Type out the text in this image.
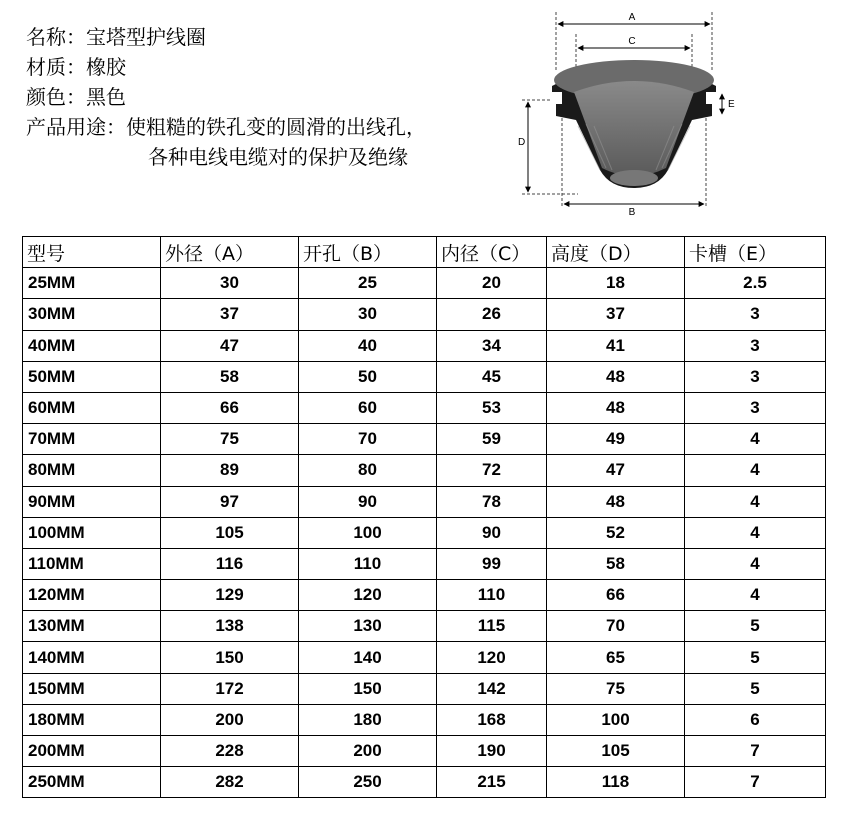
名称：宝塔型护线圈
材质：橡胶
颜色：黑色
产品用途：使粗糙的铁孔变的圆滑的出线孔，
各种电线电缆对的保护及绝缘
A
C
E
D
B
型号	外径（A）	开孔（B）	内径（C）	高度（D）	卡槽（E）
25MM	30	25	20	18	2.5
30MM	37	30	26	37	3
40MM	47	40	34	41	3
50MM	58	50	45	48	3
60MM	66	60	53	48	3
70MM	75	70	59	49	4
80MM	89	80	72	47	4
90MM	97	90	78	48	4
100MM	105	100	90	52	4
110MM	116	110	99	58	4
120MM	129	120	110	66	4
130MM	138	130	115	70	5
140MM	150	140	120	65	5
150MM	172	150	142	75	5
180MM	200	180	168	100	6
200MM	228	200	190	105	7
250MM	282	250	215	118	7
